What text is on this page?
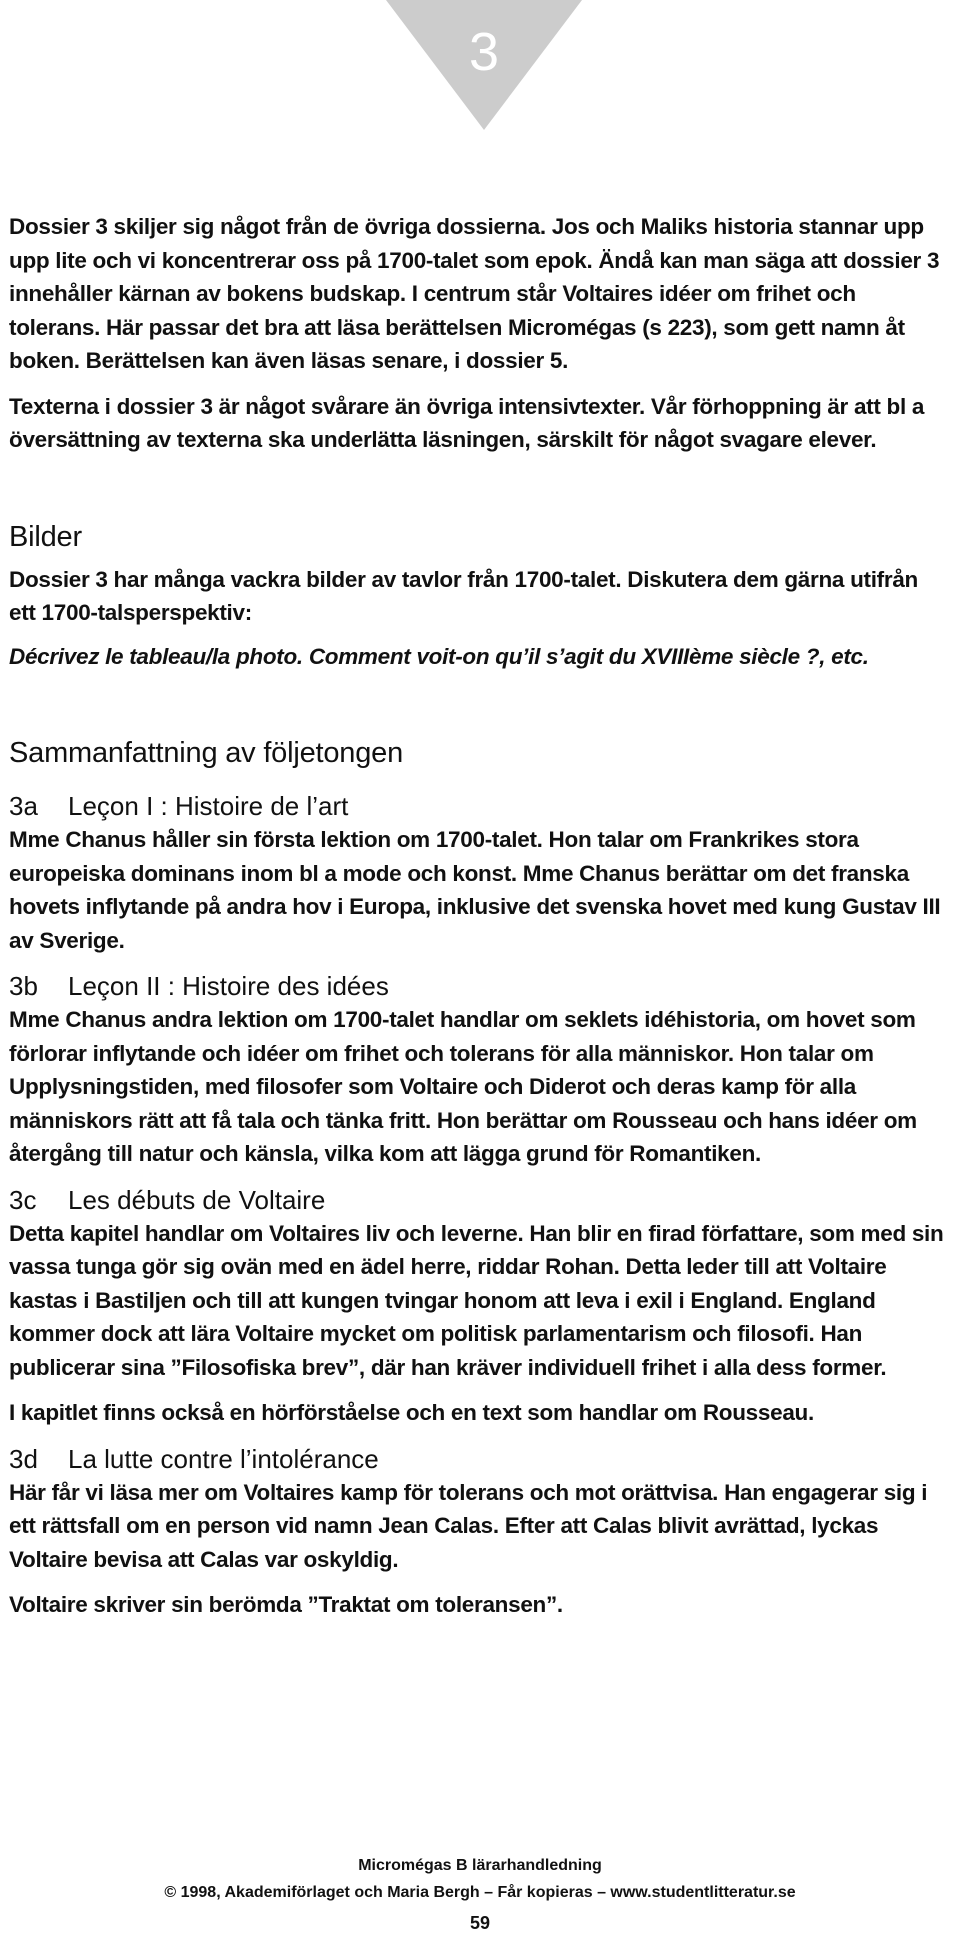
3

Dossier 3 skiljer sig något från de övriga dossierna. Jos och Maliks historia stannar upp upp lite och vi koncentrerar oss på 1700-talet som epok. Ändå kan man säga att dossier 3 innehåller kärnan av bokens budskap. I centrum står Voltaires idéer om frihet och tolerans. Här passar det bra att läsa berättelsen Micromégas (s 223), som gett namn åt boken. Berättelsen kan även läsas senare, i dossier 5.

Texterna i dossier 3 är något svårare än övriga intensivtexter. Vår förhoppning är att bl a översättning av texterna ska underlätta läsningen, särskilt för något svagare elever.

Bilder

Dossier 3 har många vackra bilder av tavlor från 1700-talet. Diskutera dem gärna utifrån ett 1700-talsperspektiv:

Décrivez le tableau/la photo. Comment voit-on qu’il s’agit du XVIIIème siècle ?, etc.

Sammanfattning av följetongen
3a	Leçon I : Histoire de l’art

Mme Chanus håller sin första lektion om 1700-talet. Hon talar om Frankrikes stora europeiska dominans inom bl a mode och konst. Mme Chanus berättar om det franska hovets inflytande på andra hov i Europa, inklusive det svenska hovet med kung Gustav III av Sverige.

3b	Leçon II : Histoire des idées

Mme Chanus andra lektion om 1700-talet handlar om seklets idéhistoria, om hovet som förlorar inflytande och idéer om frihet och tolerans för alla människor. Hon talar om Upplysningstiden, med filosofer som Voltaire och Diderot och deras kamp för alla människors rätt att få tala och tänka fritt. Hon berättar om Rousseau och hans idéer om återgång till natur och känsla, vilka kom att lägga grund för Romantiken.

3c	Les débuts de Voltaire

Detta kapitel handlar om Voltaires liv och leverne. Han blir en firad författare, som med sin vassa tunga gör sig ovän med en ädel herre, riddar Rohan. Detta leder till att Voltaire kastas i Bastiljen och till att kungen tvingar honom att leva i exil i England. England kommer dock att lära Voltaire mycket om politisk parlamentarism och filosofi. Han publicerar sina ”Filosofiska brev”, där han kräver individuell frihet i alla dess former.

I kapitlet finns också en hörförståelse och en text som handlar om Rousseau.

3d	La lutte contre l’intolérance

Här får vi läsa mer om Voltaires kamp för tolerans och mot orättvisa. Han engagerar sig i ett rättsfall om en person vid namn Jean Calas. Efter att Calas blivit avrättad, lyckas Voltaire bevisa att Calas var oskyldig.

Voltaire skriver sin berömda ”Traktat om toleransen”.

Micromégas B lärarhandledning
© 1998, Akademiförlaget och Maria Bergh – Får kopieras – www.studentlitteratur.se
59
